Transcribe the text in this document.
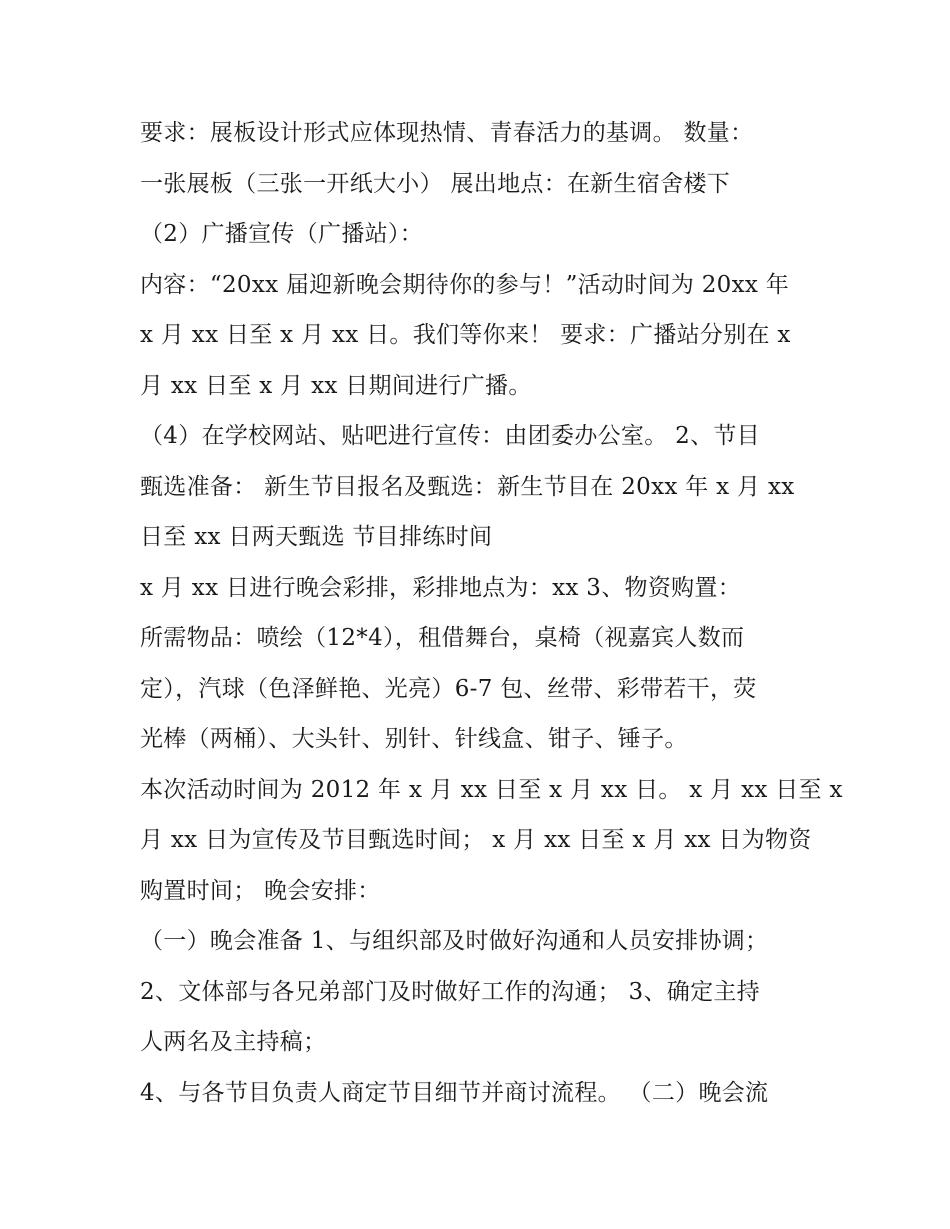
要求：展板设计形式应体现热情、青春活力的基调。 数量：
一张展板（三张一开纸大小） 展出地点：在新生宿舍楼下
（2）广播宣传（广播站）：
内容：“20xx 届迎新晚会期待你的参与！”活动时间为 20xx 年
x 月 xx 日至 x 月 xx 日。我们等你来！ 要求：广播站分别在 x
月 xx 日至 x 月 xx 日期间进行广播。
（4）在学校网站、贴吧进行宣传：由团委办公室。 2、节目
甄选准备： 新生节目报名及甄选：新生节目在 20xx 年 x 月 xx
日至 xx 日两天甄选 节目排练时间
x 月 xx 日进行晚会彩排，彩排地点为：xx 3、物资购置：
所需物品：喷绘（12*4），租借舞台，桌椅（视嘉宾人数而
定），汽球（色泽鲜艳、光亮）6-7 包、丝带、彩带若干，荧
光棒（两桶）、大头针、别针、针线盒、钳子、锤子。
本次活动时间为 2012 年 x 月 xx 日至 x 月 xx 日。 x 月 xx 日至 x
月 xx 日为宣传及节目甄选时间； x 月 xx 日至 x 月 xx 日为物资
购置时间； 晚会安排：
（一）晚会准备 1、与组织部及时做好沟通和人员安排协调；
2、文体部与各兄弟部门及时做好工作的沟通； 3、确定主持
人两名及主持稿；
4、与各节目负责人商定节目细节并商讨流程。 （二）晚会流
